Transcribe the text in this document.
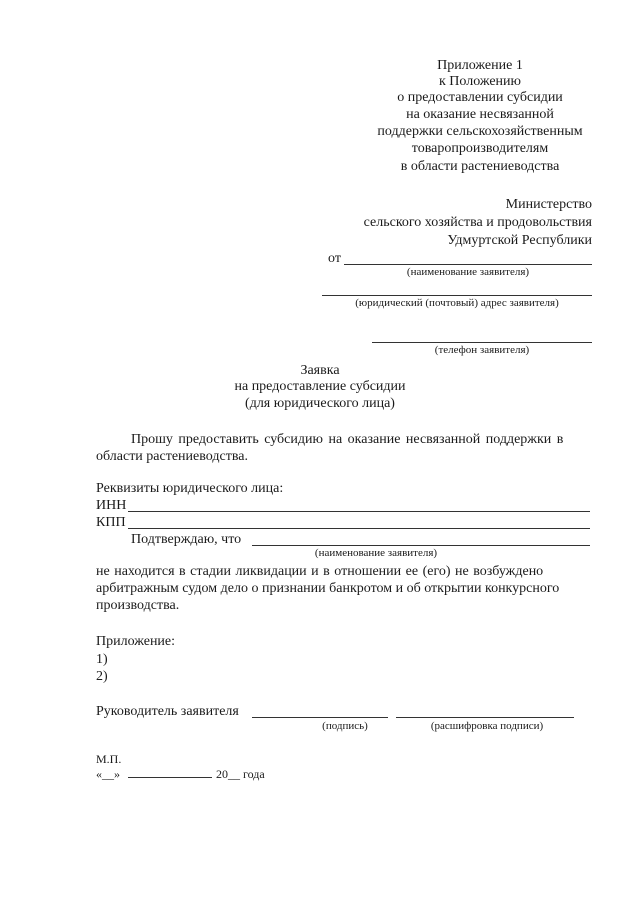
Приложение 1
к Положению
о предоставлении субсидии
на оказание несвязанной
поддержки сельскохозяйственным
товаропроизводителям
в области растениеводства
Министерство
сельского хозяйства и продовольствия
Удмуртской Республики
от
(наименование заявителя)
(юридический (почтовый) адрес заявителя)
(телефон заявителя)
Заявка
на предоставление субсидии
(для юридического лица)
Прошу предоставить субсидию на оказание несвязанной поддержки в
области растениеводства.
Реквизиты юридического лица:
ИНН
КПП
Подтверждаю, что
(наименование заявителя)
не находится в стадии ликвидации и в отношении ее (его) не возбуждено
арбитражным судом дело о признании банкротом и об открытии конкурсного
производства.
Приложение:
1)
2)
Руководитель заявителя
(подпись)	(расшифровка подписи)
М.П.
«__»	20__ года
